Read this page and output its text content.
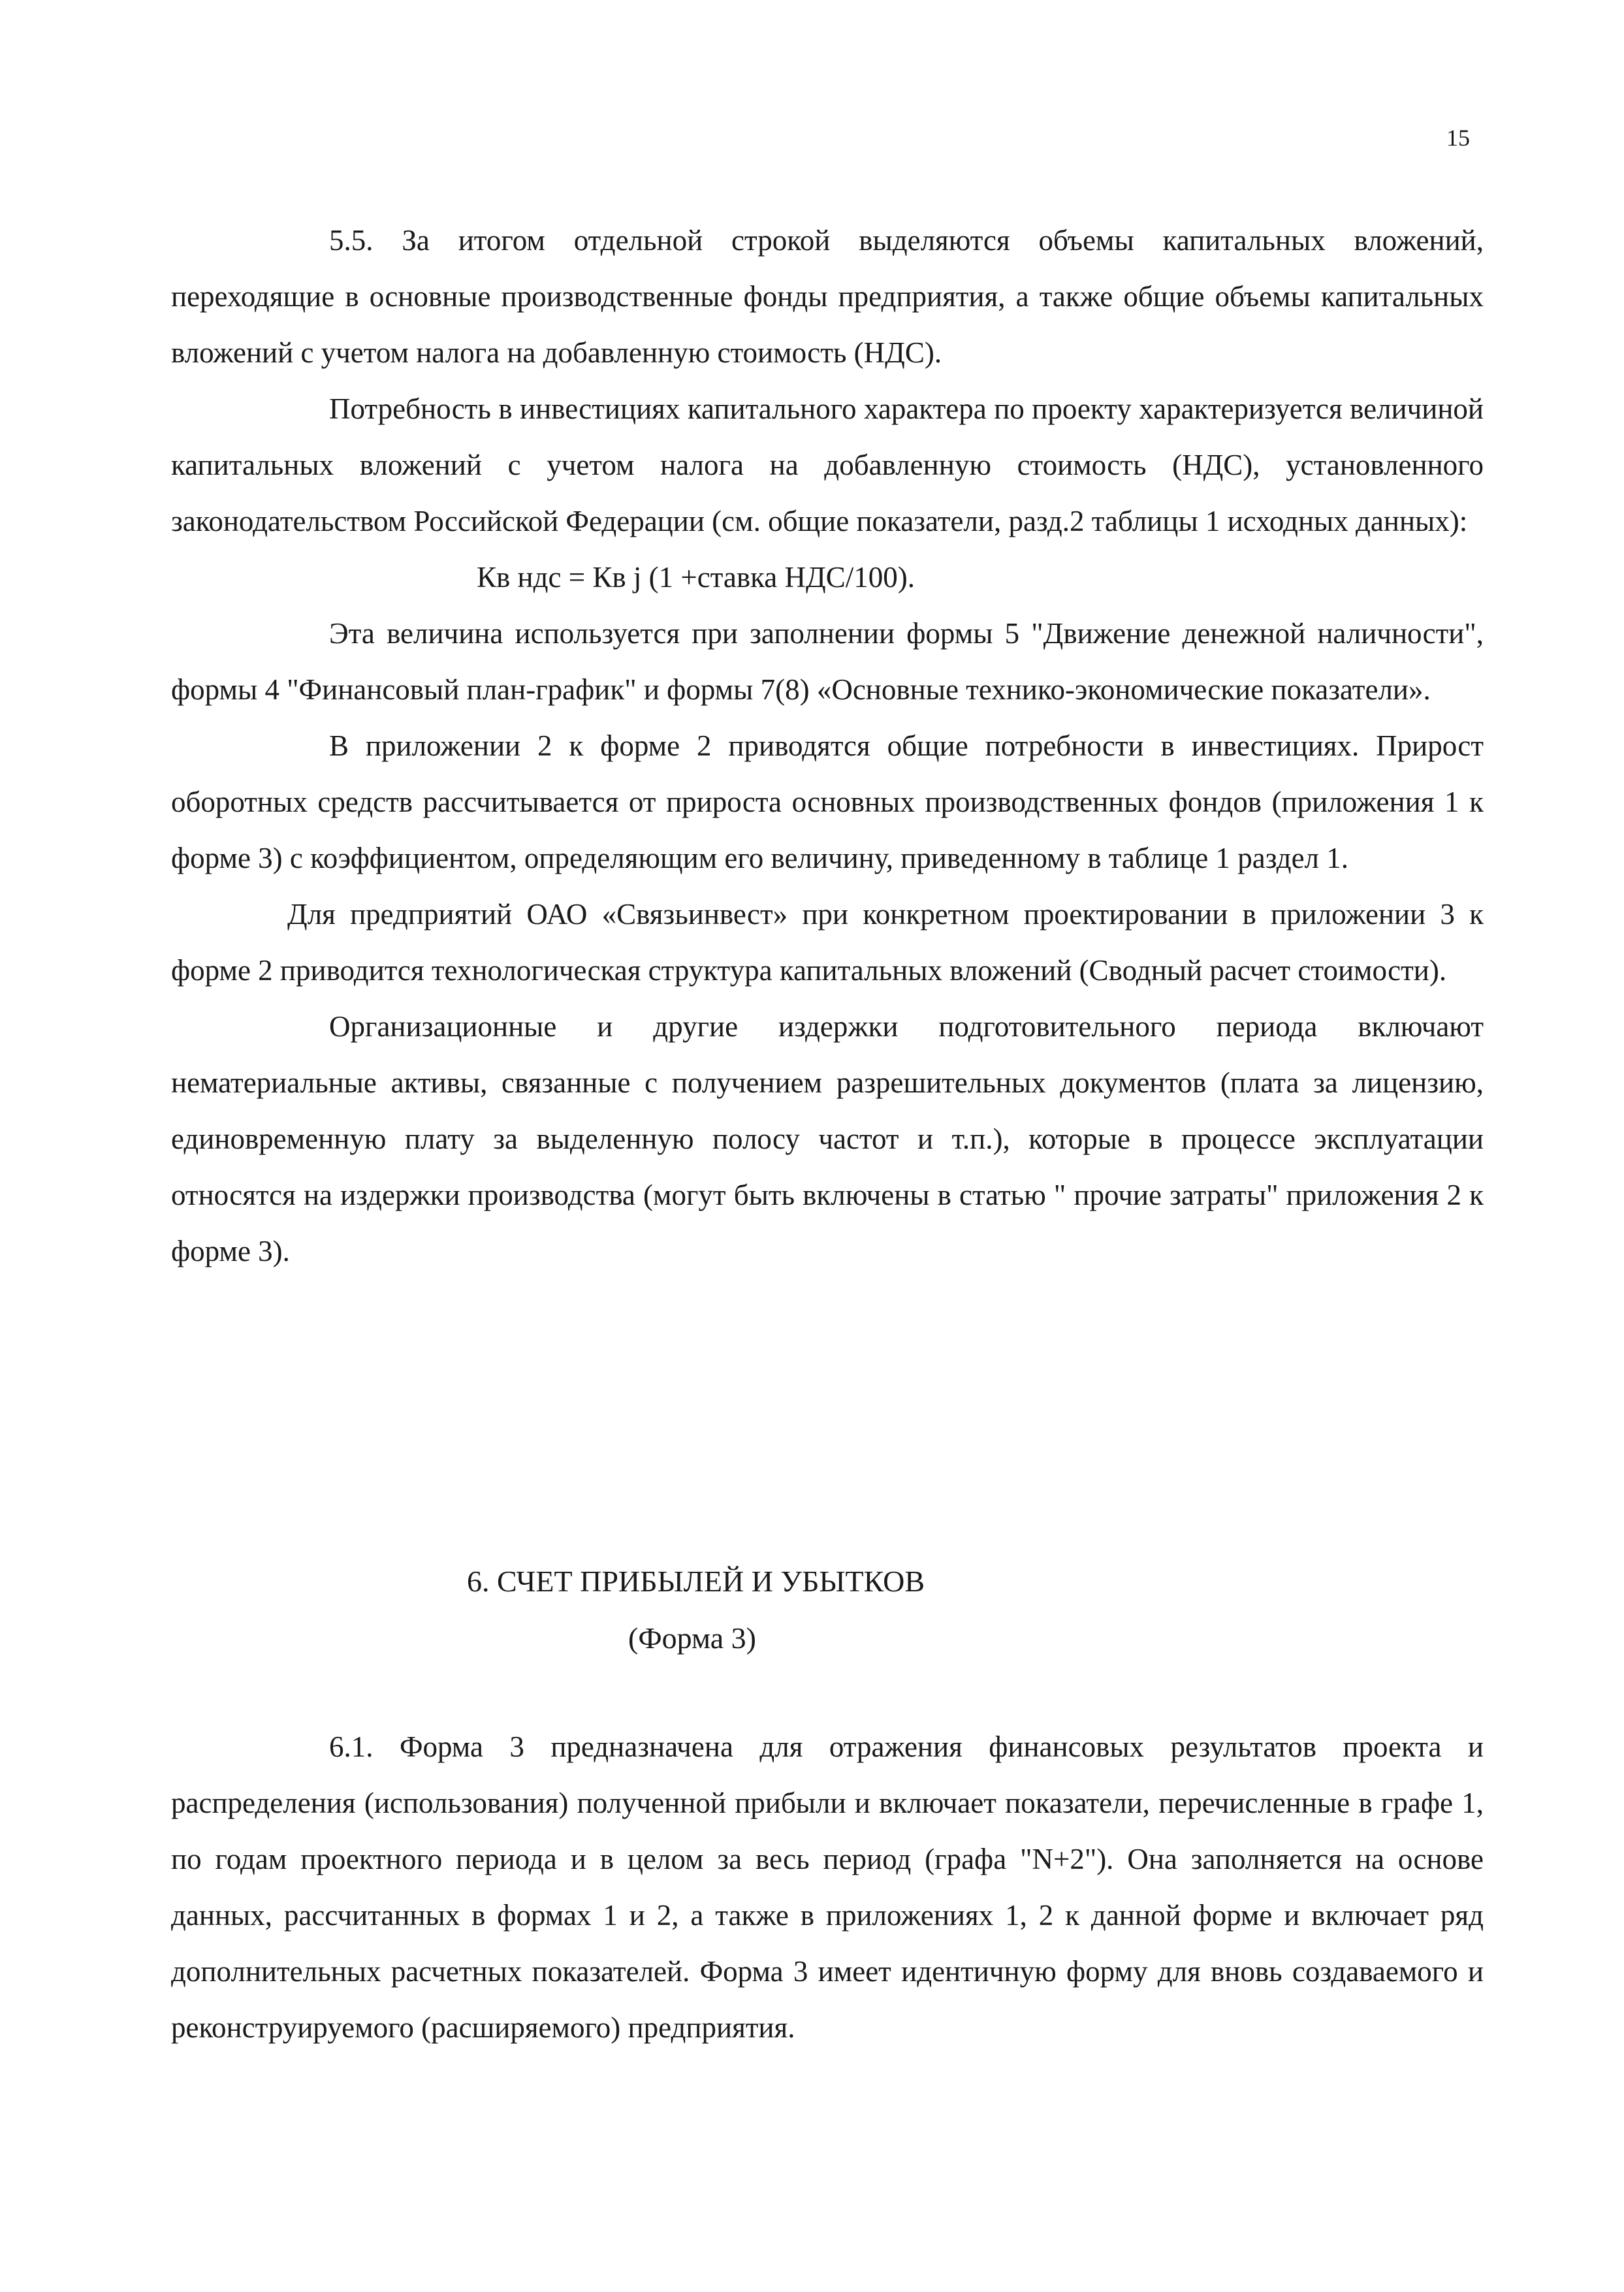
15

5.5. За итогом отдельной строкой выделяются объемы капитальных вложений, переходящие в основные производственные фонды предприятия, а также общие объемы капитальных вложений с учетом налога на добавленную стоимость (НДС).

Потребность в инвестициях капитального характера по проекту характеризуется величиной капитальных вложений с учетом налога на добавленную стоимость (НДС), установленного законодательством Российской Федерации (см. общие показатели, разд.2 таблицы 1 исходных данных):

Кв ндс = Кв j (1 +ставка НДС/100).

Эта величина используется при заполнении формы 5 "Движение денежной наличности", формы 4 "Финансовый план-график" и формы 7(8) «Основные технико-экономические показатели».

В приложении 2 к форме 2 приводятся общие потребности в инвестициях. Прирост оборотных средств рассчитывается от прироста основных производственных фондов (приложения 1 к форме 3) с коэффициентом, определяющим его величину, приведенному в таблице 1 раздел 1.

Для предприятий ОАО «Связьинвест» при конкретном проектировании в приложении 3 к форме 2 приводится технологическая структура капитальных вложений (Сводный расчет стоимости).

Организационные и другие издержки подготовительного периода включают нематериальные активы, связанные с получением разрешительных документов (плата за лицензию, единовременную плату за выделенную полосу частот и т.п.), которые в процессе эксплуатации относятся на издержки производства (могут быть включены в статью " прочие затраты" приложения 2 к форме 3).

6. СЧЕТ ПРИБЫЛЕЙ И УБЫТКОВ
(Форма 3)

6.1. Форма 3 предназначена для отражения финансовых результатов проекта и распределения (использования) полученной прибыли и включает показатели, перечисленные в графе 1, по годам проектного периода и в целом за весь период (графа "N+2"). Она заполняется на основе данных, рассчитанных в формах 1 и 2, а также в приложениях 1, 2 к данной форме и включает ряд дополнительных расчетных показателей. Форма 3 имеет идентичную форму для вновь создаваемого и реконструируемого (расширяемого) предприятия.
